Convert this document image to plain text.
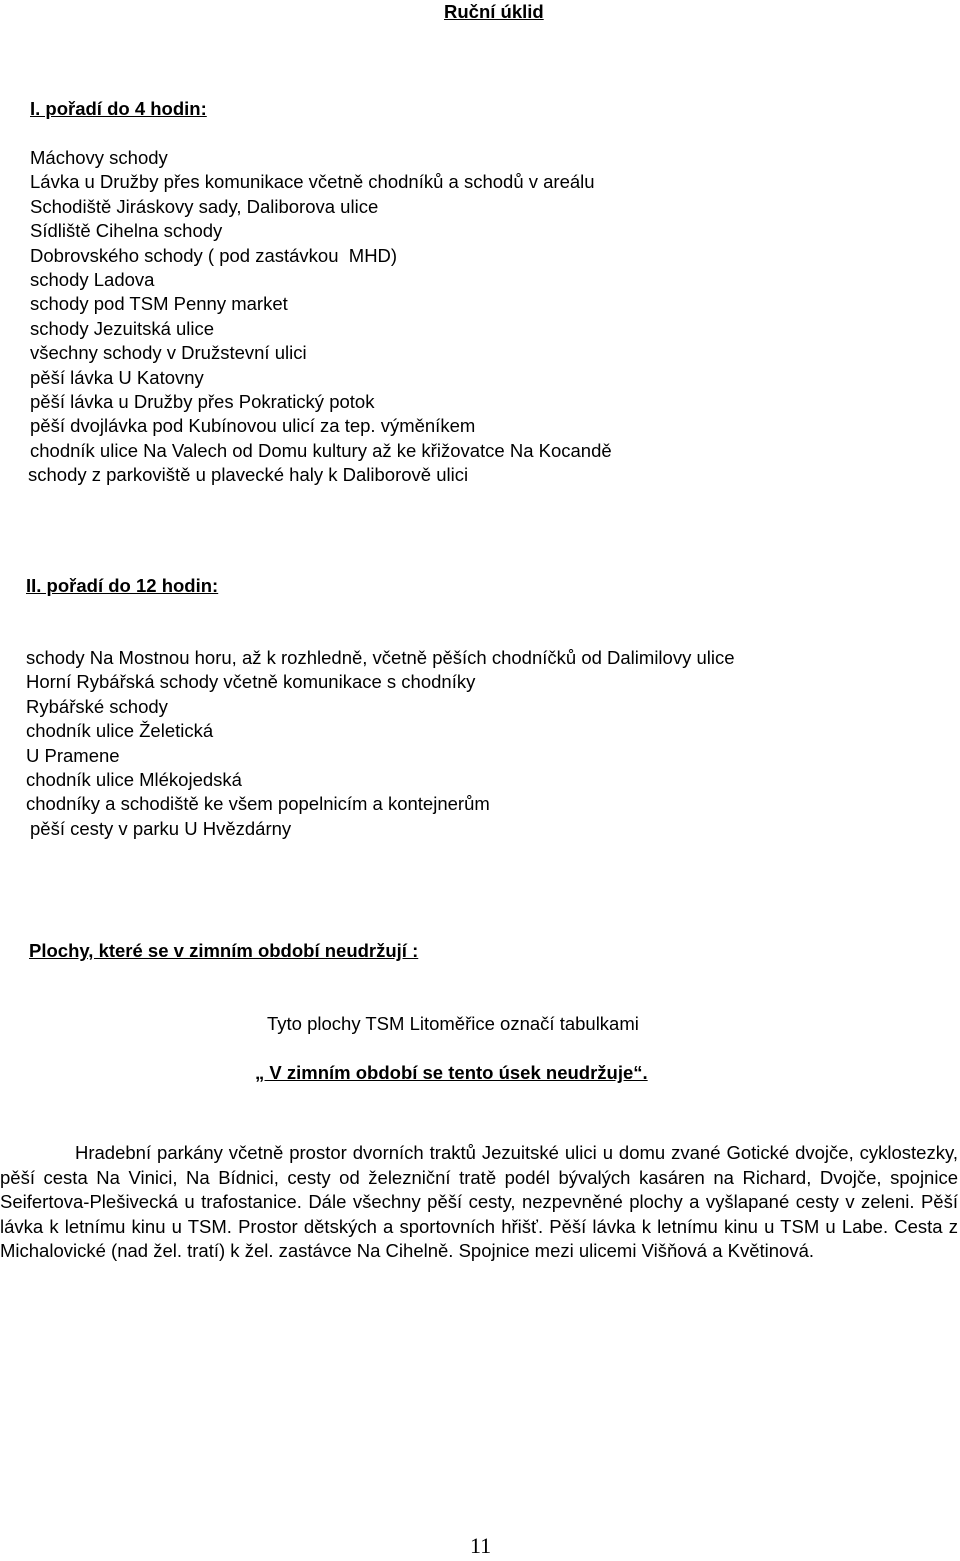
Ruční úklid
I. pořadí do 4 hodin:
Máchovy schody
Lávka u Družby přes komunikace včetně chodníků a schodů v areálu
Schodiště Jiráskovy sady, Daliborova ulice
Sídliště Cihelna schody
Dobrovského schody ( pod zastávkou  MHD)
schody Ladova
schody pod TSM Penny market
schody Jezuitská ulice
všechny schody v Družstevní ulici
pěší lávka U Katovny
pěší lávka u Družby přes Pokratický potok
pěší dvojlávka pod Kubínovou ulicí za tep. výměníkem
chodník ulice Na Valech od Domu kultury až ke křižovatce Na Kocandě
schody z parkoviště u plavecké haly k Daliborově ulici
II. pořadí do 12 hodin:
schody Na Mostnou horu, až k rozhledně, včetně pěších chodníčků od Dalimilovy ulice
Horní Rybářská schody včetně komunikace s chodníky
Rybářské schody
chodník ulice Želetická
U Pramene
chodník ulice Mlékojedská
chodníky a schodiště ke všem popelnicím a kontejnerům
pěší cesty v parku U Hvězdárny
Plochy, které se v zimním období neudržují :
Tyto plochy TSM Litoměřice označí tabulkami
„ V zimním období se tento úsek neudržuje“.
Hradební parkány včetně prostor dvorních traktů Jezuitské ulici u domu zvané Gotické dvojče, cyklostezky, pěší cesta Na Vinici, Na Bídnici, cesty od železniční tratě podél bývalých kasáren na Richard, Dvojče, spojnice Seifertova-Plešivecká u trafostanice. Dále všechny pěší cesty, nezpevněné plochy a vyšlapané cesty v zeleni. Pěší lávka k letnímu kinu u TSM. Prostor dětských a sportovních hřišť. Pěší lávka k letnímu kinu u TSM u Labe. Cesta z Michalovické (nad žel. tratí) k žel. zastávce Na Cihelně. Spojnice mezi ulicemi Višňová a Květinová.
11
